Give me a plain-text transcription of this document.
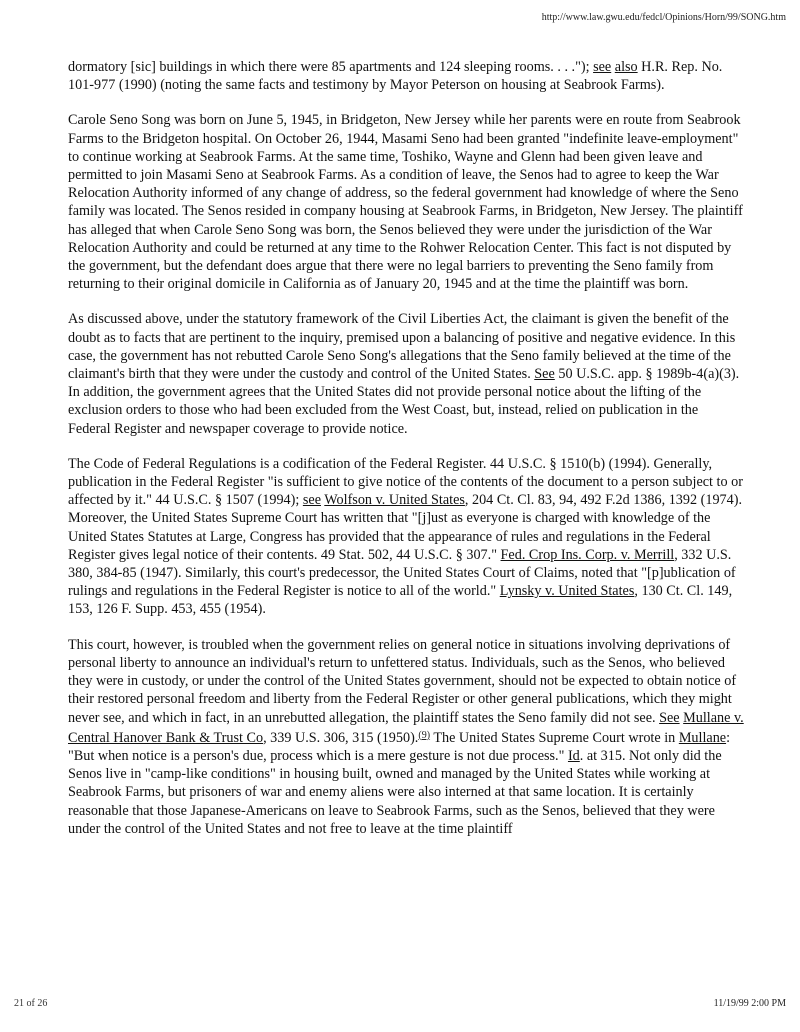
http://www.law.gwu.edu/fedcl/Opinions/Horn/99/SONG.htm

dormatory [sic] buildings in which there were 85 apartments and 124 sleeping rooms. . . ."); see also H.R. Rep. No. 101-977 (1990) (noting the same facts and testimony by Mayor Peterson on housing at Seabrook Farms).

Carole Seno Song was born on June 5, 1945, in Bridgeton, New Jersey while her parents were en route from Seabrook Farms to the Bridgeton hospital. On October 26, 1944, Masami Seno had been granted "indefinite leave-employment" to continue working at Seabrook Farms. At the same time, Toshiko, Wayne and Glenn had been given leave and permitted to join Masami Seno at Seabrook Farms. As a condition of leave, the Senos had to agree to keep the War Relocation Authority informed of any change of address, so the federal government had knowledge of where the Seno family was located. The Senos resided in company housing at Seabrook Farms, in Bridgeton, New Jersey. The plaintiff has alleged that when Carole Seno Song was born, the Senos believed they were under the jurisdiction of the War Relocation Authority and could be returned at any time to the Rohwer Relocation Center. This fact is not disputed by the government, but the defendant does argue that there were no legal barriers to preventing the Seno family from returning to their original domicile in California as of January 20, 1945 and at the time the plaintiff was born.

As discussed above, under the statutory framework of the Civil Liberties Act, the claimant is given the benefit of the doubt as to facts that are pertinent to the inquiry, premised upon a balancing of positive and negative evidence. In this case, the government has not rebutted Carole Seno Song's allegations that the Seno family believed at the time of the claimant's birth that they were under the custody and control of the United States. See 50 U.S.C. app. § 1989b-4(a)(3). In addition, the government agrees that the United States did not provide personal notice about the lifting of the exclusion orders to those who had been excluded from the West Coast, but, instead, relied on publication in the Federal Register and newspaper coverage to provide notice.

The Code of Federal Regulations is a codification of the Federal Register. 44 U.S.C. § 1510(b) (1994). Generally, publication in the Federal Register "is sufficient to give notice of the contents of the document to a person subject to or affected by it." 44 U.S.C. § 1507 (1994); see Wolfson v. United States, 204 Ct. Cl. 83, 94, 492 F.2d 1386, 1392 (1974). Moreover, the United States Supreme Court has written that "[j]ust as everyone is charged with knowledge of the United States Statutes at Large, Congress has provided that the appearance of rules and regulations in the Federal Register gives legal notice of their contents. 49 Stat. 502, 44 U.S.C. § 307." Fed. Crop Ins. Corp. v. Merrill, 332 U.S. 380, 384-85 (1947). Similarly, this court's predecessor, the United States Court of Claims, noted that "[p]ublication of rulings and regulations in the Federal Register is notice to all of the world." Lynsky v. United States, 130 Ct. Cl. 149, 153, 126 F. Supp. 453, 455 (1954).

This court, however, is troubled when the government relies on general notice in situations involving deprivations of personal liberty to announce an individual's return to unfettered status. Individuals, such as the Senos, who believed they were in custody, or under the control of the United States government, should not be expected to obtain notice of their restored personal freedom and liberty from the Federal Register or other general publications, which they might never see, and which in fact, in an unrebutted allegation, the plaintiff states the Seno family did not see. See Mullane v. Central Hanover Bank & Trust Co, 339 U.S. 306, 315 (1950).$^{(9)}$ The United States Supreme Court wrote in Mullane: "But when notice is a person's due, process which is a mere gesture is not due process." Id. at 315. Not only did the Senos live in "camp-like conditions" in housing built, owned and managed by the United States while working at Seabrook Farms, but prisoners of war and enemy aliens were also interned at that same location. It is certainly reasonable that those Japanese-Americans on leave to Seabrook Farms, such as the Senos, believed that they were under the control of the United States and not free to leave at the time plaintiff

21 of 26	11/19/99 2:00 PM
